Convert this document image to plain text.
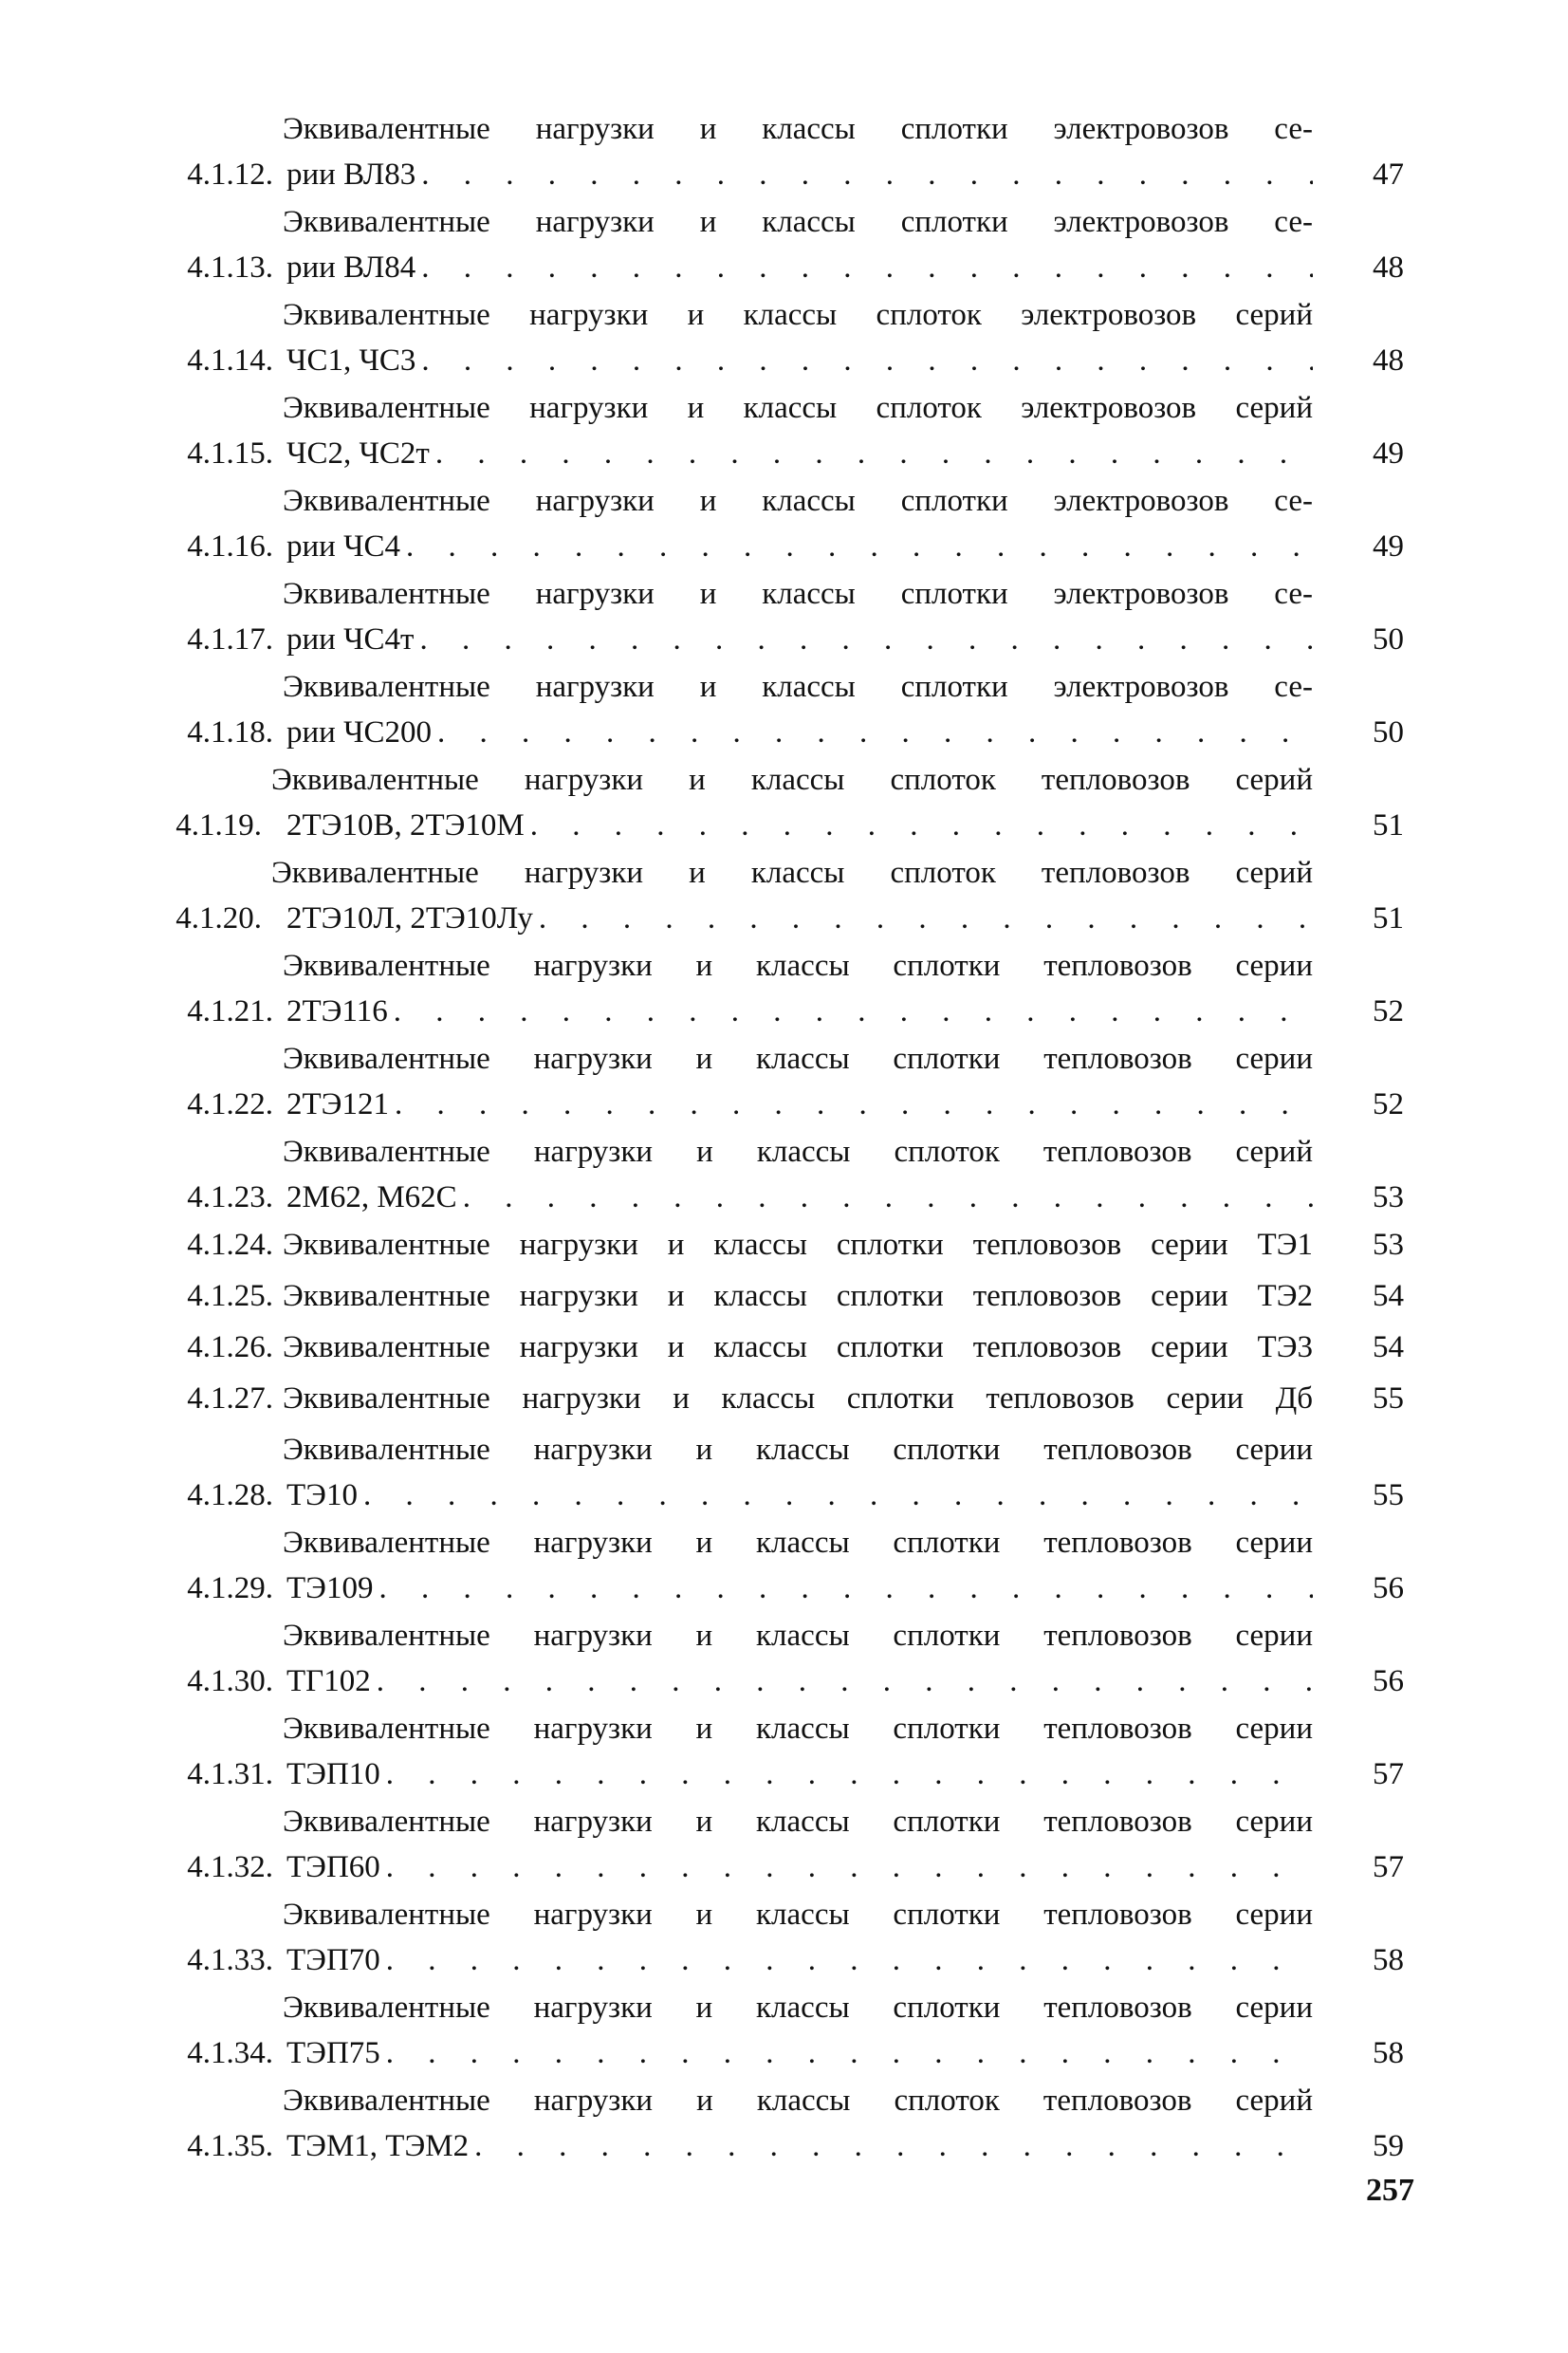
4.1.12.
Эквивалентные нагрузки и классы сплотки электровозов се-
рии ВЛ83 . . .	47
4.1.13.
Эквивалентные нагрузки и классы сплотки электровозов се-
рии ВЛ84 . . .	48
4.1.14.
Эквивалентные нагрузки и классы сплоток электровозов серий
ЧС1, ЧС3 . . .	48
4.1.15.
Эквивалентные нагрузки и классы сплоток электровозов серий
ЧС2, ЧС2т . . .	49
4.1.16.
Эквивалентные нагрузки и классы сплотки электровозов се-
рии ЧС4 . . .	49
4.1.17.
Эквивалентные нагрузки и классы сплотки электровозов се-
рии ЧС4т . . .	50
4.1.18.
Эквивалентные нагрузки и классы сплотки электровозов се-
рии ЧС200 . . .	50
4.1.19.
Эквивалентные нагрузки и классы сплоток тепловозов серий
2ТЭ10В, 2ТЭ10М . . .	51
4.1.20.
Эквивалентные нагрузки и классы сплоток тепловозов серий
2ТЭ10Л, 2ТЭ10Лу . . .	51
4.1.21.
Эквивалентные нагрузки и классы сплотки тепловозов серии
2ТЭ116 . . .	52
4.1.22.
Эквивалентные нагрузки и классы сплотки тепловозов серии
2ТЭ121 . . .	52
4.1.23.
Эквивалентные нагрузки и классы сплоток тепловозов серий
2М62, М62С . . .	53
4.1.24. Эквивалентные нагрузки и классы сплотки тепловозов серии ТЭ1	53
4.1.25. Эквивалентные нагрузки и классы сплотки тепловозов серии ТЭ2	54
4.1.26. Эквивалентные нагрузки и классы сплотки тепловозов серии ТЭ3	54
4.1.27. Эквивалентные нагрузки и классы сплотки тепловозов серии Дб	55
4.1.28.
Эквивалентные нагрузки и классы сплотки тепловозов серии
ТЭ10 . . .	55
4.1.29.
Эквивалентные нагрузки и классы сплотки тепловозов серии
ТЭ109 . . .	56
4.1.30.
Эквивалентные нагрузки и классы сплотки тепловозов серии
ТГ102 . . .	56
4.1.31.
Эквивалентные нагрузки и классы сплотки тепловозов серии
ТЭП10 . . .	57
4.1.32.
Эквивалентные нагрузки и классы сплотки тепловозов серии
ТЭП60 . . .	57
4.1.33.
Эквивалентные нагрузки и классы сплотки тепловозов серии
ТЭП70 . . .	58
4.1.34.
Эквивалентные нагрузки и классы сплотки тепловозов серии
ТЭП75 . . .	58
4.1.35.
Эквивалентные нагрузки и классы сплоток тепловозов серий
ТЭМ1, ТЭМ2 . . .	59
257
